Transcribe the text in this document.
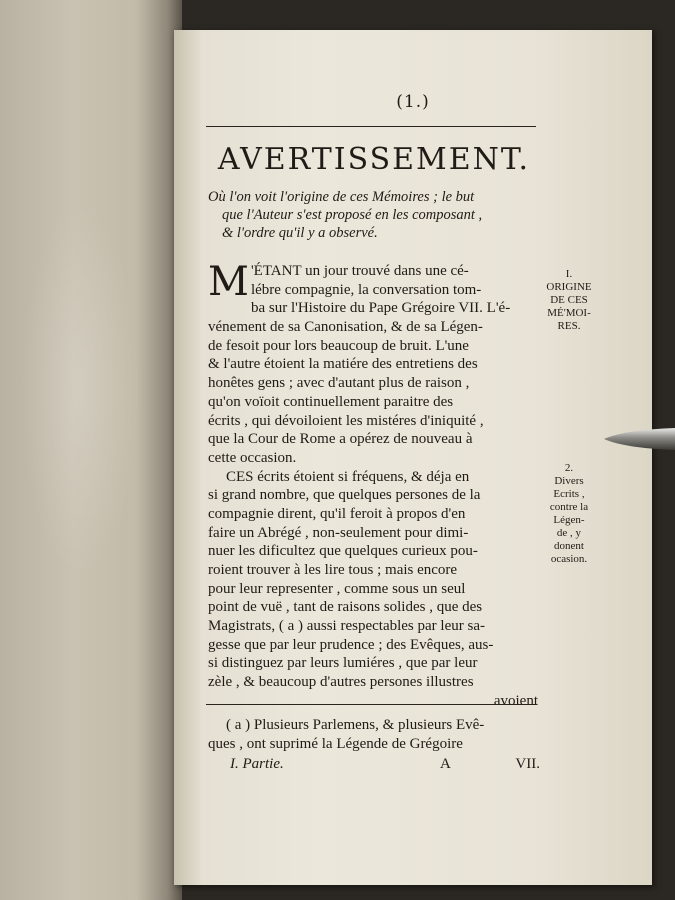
(1.)
AVERTISSEMENT.
Où l'on voit l'origine de ces Mémoires ; le but
que l'Auteur s'est proposé en les composant ,
& l'ordre qu'il y a observé.
M 'ÉTANT un jour trouvé dans une cé-
lébre compagnie, la conversation tom-
ba sur l'Histoire du Pape Grégoire VII. L'é-
vénement de sa Canonisation, & de sa Légen-
de fesoit pour lors beaucoup de bruit. L'une
& l'autre étoient la matiére des entretiens des
honêtes gens ; avec d'autant plus de raison ,
qu'on voïoit continuellement paraitre des
écrits , qui dévoiloient les mistéres d'iniquité ,
que la Cour de Rome a opérez de nouveau à
cette occasion.
CES écrits étoient si fréquens, & déja en
si grand nombre, que quelques persones de la
compagnie dirent, qu'il feroit à propos d'en
faire un Abrégé , non-seulement pour dimi-
nuer les dificultez que quelques curieux pou-
roient trouver à les lire tous ; mais encore
pour leur representer , comme sous un seul
point de vuë , tant de raisons solides , que des
Magistrats, ( a ) aussi respectables par leur sa-
gesse que par leur prudence ; des Evêques, aus-
si distinguez par leurs lumiéres , que par leur
zèle , & beaucoup d'autres persones illustres
avoient
I.
ORIGINE
DE CES
MÉ'MOI-
RES.
2.
Divers
Ecrits ,
contre la
Légen-
de , y
donent
ocasion.
( a ) Plusieurs Parlemens, & plusieurs Evê-
ques , ont suprimé la Légende de Grégoire
I. Partie.	A	VII.
